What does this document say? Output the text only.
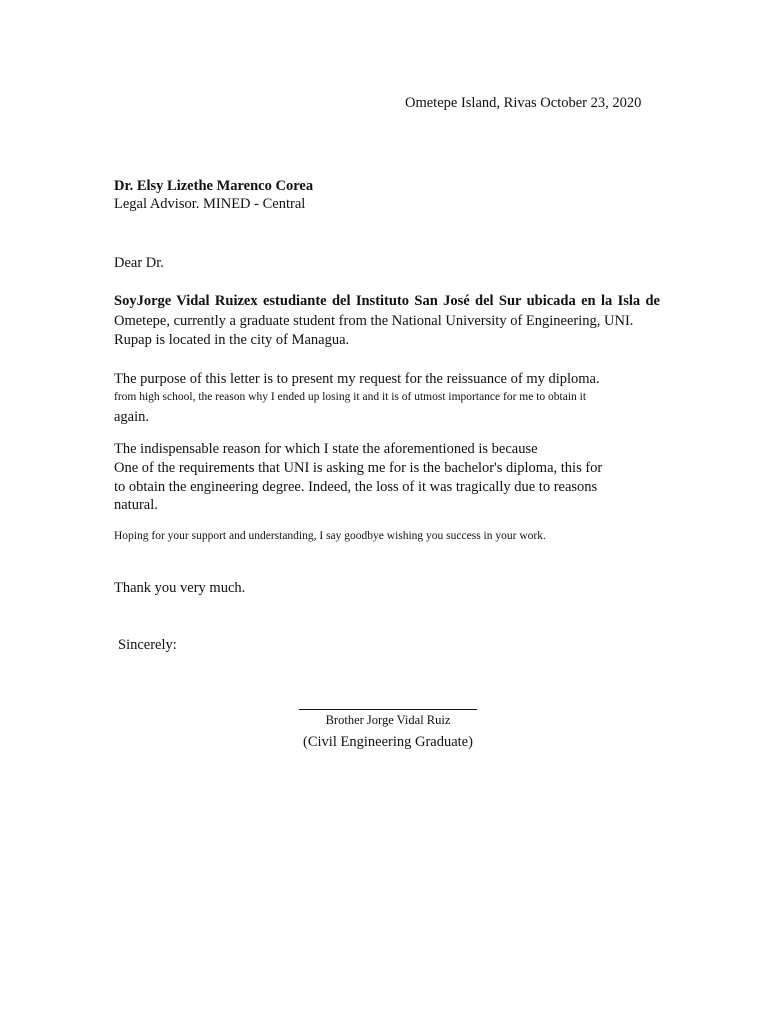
Ometepe Island, Rivas October 23, 2020
Dr. Elsy Lizethe Marenco Corea
Legal Advisor. MINED - Central
Dear Dr.
SoyJorge Vidal Ruizex estudiante del Instituto San José del Sur ubicada en la Isla de
Ometepe, currently a graduate student from the National University of Engineering, UNI.
Rupap is located in the city of Managua.
The purpose of this letter is to present my request for the reissuance of my diploma.
from high school, the reason why I ended up losing it and it is of utmost importance for me to obtain it
again.
The indispensable reason for which I state the aforementioned is because
One of the requirements that UNI is asking me for is the bachelor's diploma, this for
to obtain the engineering degree. Indeed, the loss of it was tragically due to reasons
natural.
Hoping for your support and understanding, I say goodbye wishing you success in your work.
Thank you very much.
Sincerely:
Brother Jorge Vidal Ruiz
(Civil Engineering Graduate)
